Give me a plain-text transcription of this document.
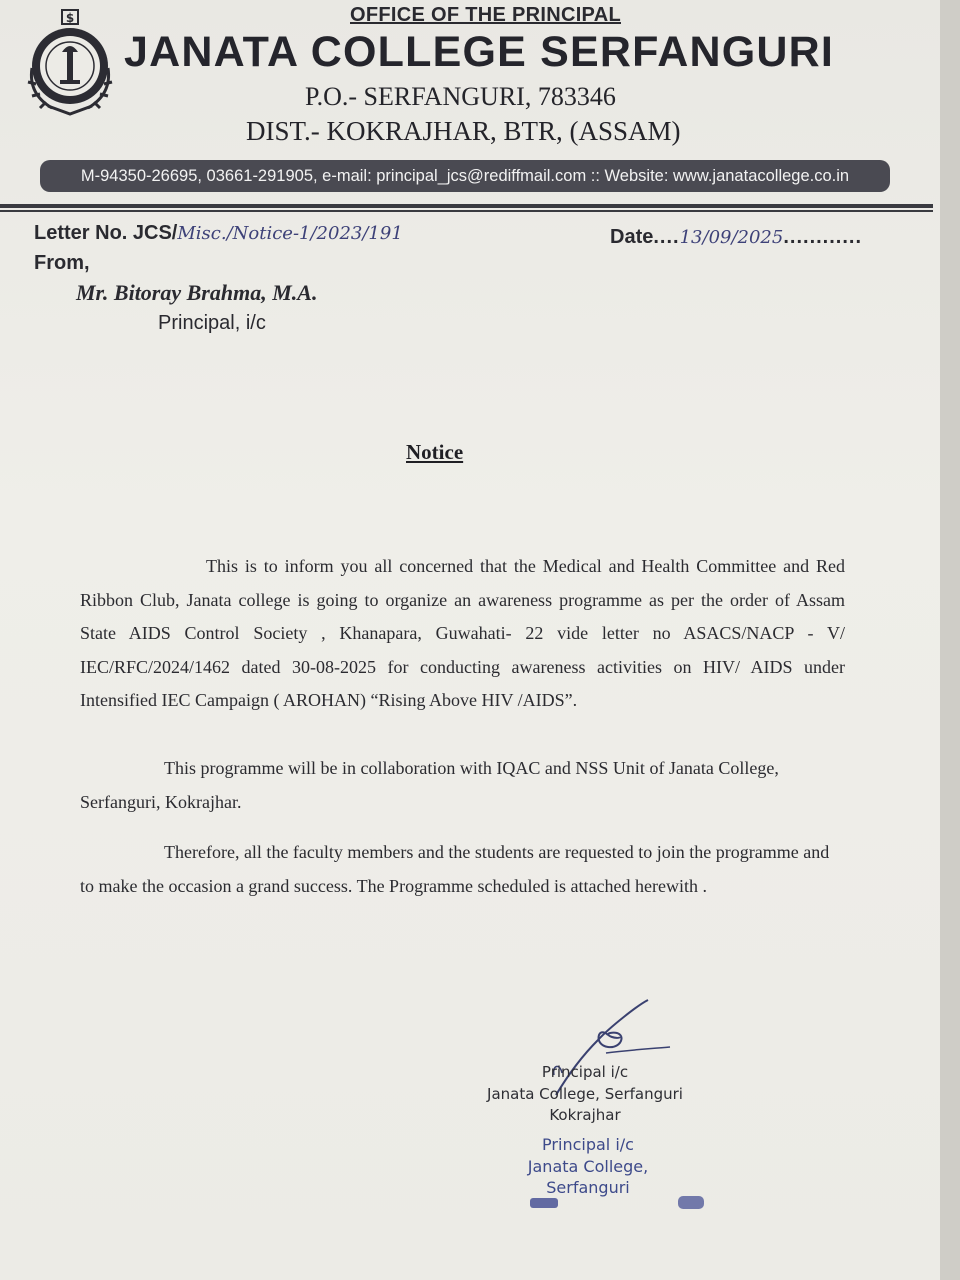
$	OFFICE OF THE PRINCIPAL
JANATA COLLEGE SERFANGURI
P.O.- SERFANGURI, 783346
DIST.- KOKRAJHAR, BTR, (ASSAM)
M-94350-26695, 03661-291905, e-mail: principal_jcs@rediffmail.com :: Website: www.janatacollege.co.in
Letter No. JCS/Misc./Notice-1/2023/191	Date....13/09/2025............
From,
Mr. Bitoray Brahma, M.A.
Principal, i/c
Notice

This is to inform you all concerned that the Medical and Health Committee and Red Ribbon Club, Janata college is going to organize an awareness programme as per the order of Assam State AIDS Control Society , Khanapara, Guwahati- 22 vide letter no ASACS/NACP - V/ IEC/RFC/2024/1462 dated 30-08-2025 for conducting awareness activities on HIV/ AIDS under Intensified IEC Campaign ( AROHAN) “Rising Above HIV /AIDS”.

This programme will be in collaboration with IQAC and NSS Unit of Janata College, Serfanguri, Kokrajhar.

Therefore, all the faculty members and the students are requested to join the programme and to make the occasion a grand success. The Programme scheduled is attached herewith .

Principal i/c
Janata College, Serfanguri
Kokrajhar
Principal i/c
Janata College,
Serfanguri
